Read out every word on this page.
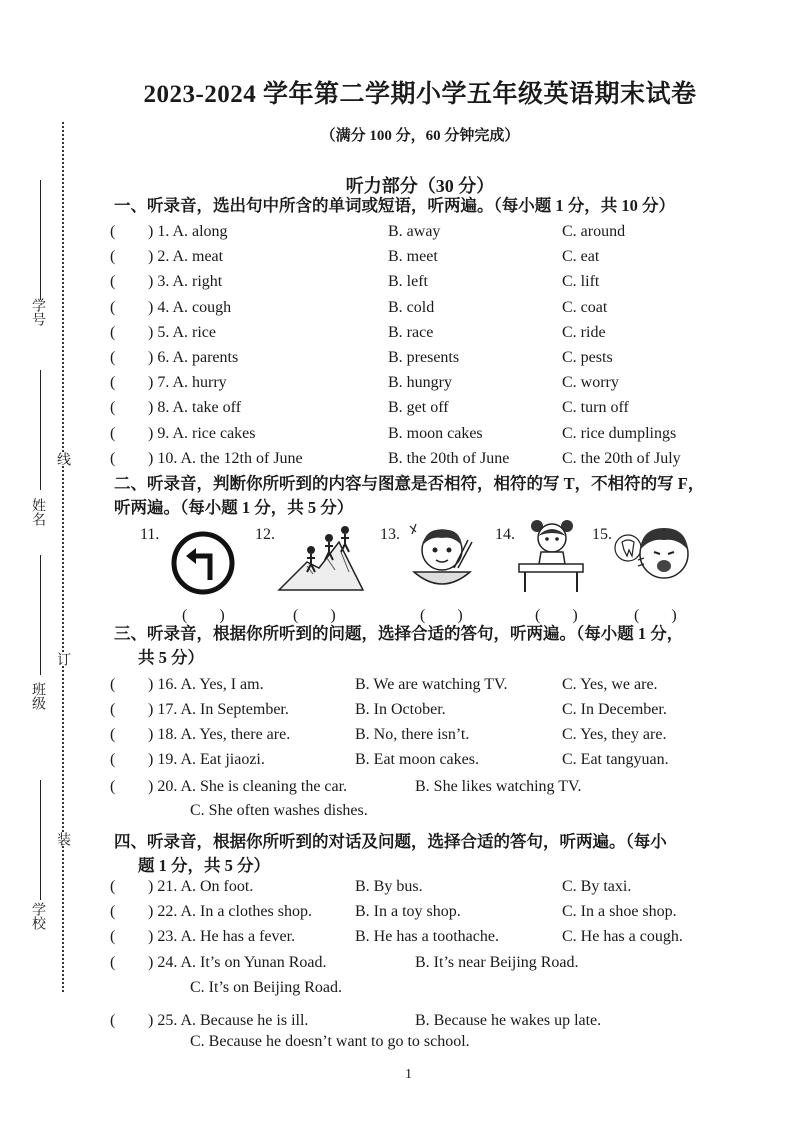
学号
线
姓名
订
班级
装
学校
2023-2024 学年第二学期小学五年级英语期末试卷
（满分 100 分，60 分钟完成）
听力部分（30 分）
一、听录音，选出句中所含的单词或短语，听两遍。（每小题 1 分，共 10 分）
( ) 1. A. along	B. away	C. around
( ) 2. A. meat	B. meet	C. eat
( ) 3. A. right	B. left	C. lift
( ) 4. A. cough	B. cold	C. coat
( ) 5. A. rice	B. race	C. ride
( ) 6. A. parents	B. presents	C. pests
( ) 7. A. hurry	B. hungry	C. worry
( ) 8. A. take off	B. get off	C. turn off
( ) 9. A. rice cakes	B. moon cakes	C. rice dumplings
( ) 10. A. the 12th of June	B. the 20th of June	C. the 20th of July
二、听录音，判断你所听到的内容与图意是否相符，相符的写 T，不相符的写 F，
听两遍。（每小题 1 分，共 5 分）
11.
(　　)
12.
(　　)
13.
(　　)
14.
(　　)
15.
(　　)
三、听录音，根据你所听到的问题，选择合适的答句，听两遍。（每小题 1 分，
共 5 分）
( ) 16. A. Yes, I am.	B. We are watching TV.	C. Yes, we are.
( ) 17. A. In September.	B. In October.	C. In December.
( ) 18. A. Yes, there are.	B. No, there isn’t.	C. Yes, they are.
( ) 19. A. Eat jiaozi.	B. Eat moon cakes.	C. Eat tangyuan.
( ) 20. A. She is cleaning the car.	B. She likes watching TV.
C. She often washes dishes.
四、听录音，根据你所听到的对话及问题，选择合适的答句，听两遍。（每小
题 1 分，共 5 分）
( ) 21. A. On foot.	B. By bus.	C. By taxi.
( ) 22. A. In a clothes shop.	B. In a toy shop.	C. In a shoe shop.
( ) 23. A. He has a fever.	B. He has a toothache.	C. He has a cough.
( ) 24. A. It’s on Yunan Road.	B. It’s near Beijing Road.
C. It’s on Beijing Road.
( ) 25. A. Because he is ill.	B. Because he wakes up late.
C. Because he doesn’t want to go to school.
1
